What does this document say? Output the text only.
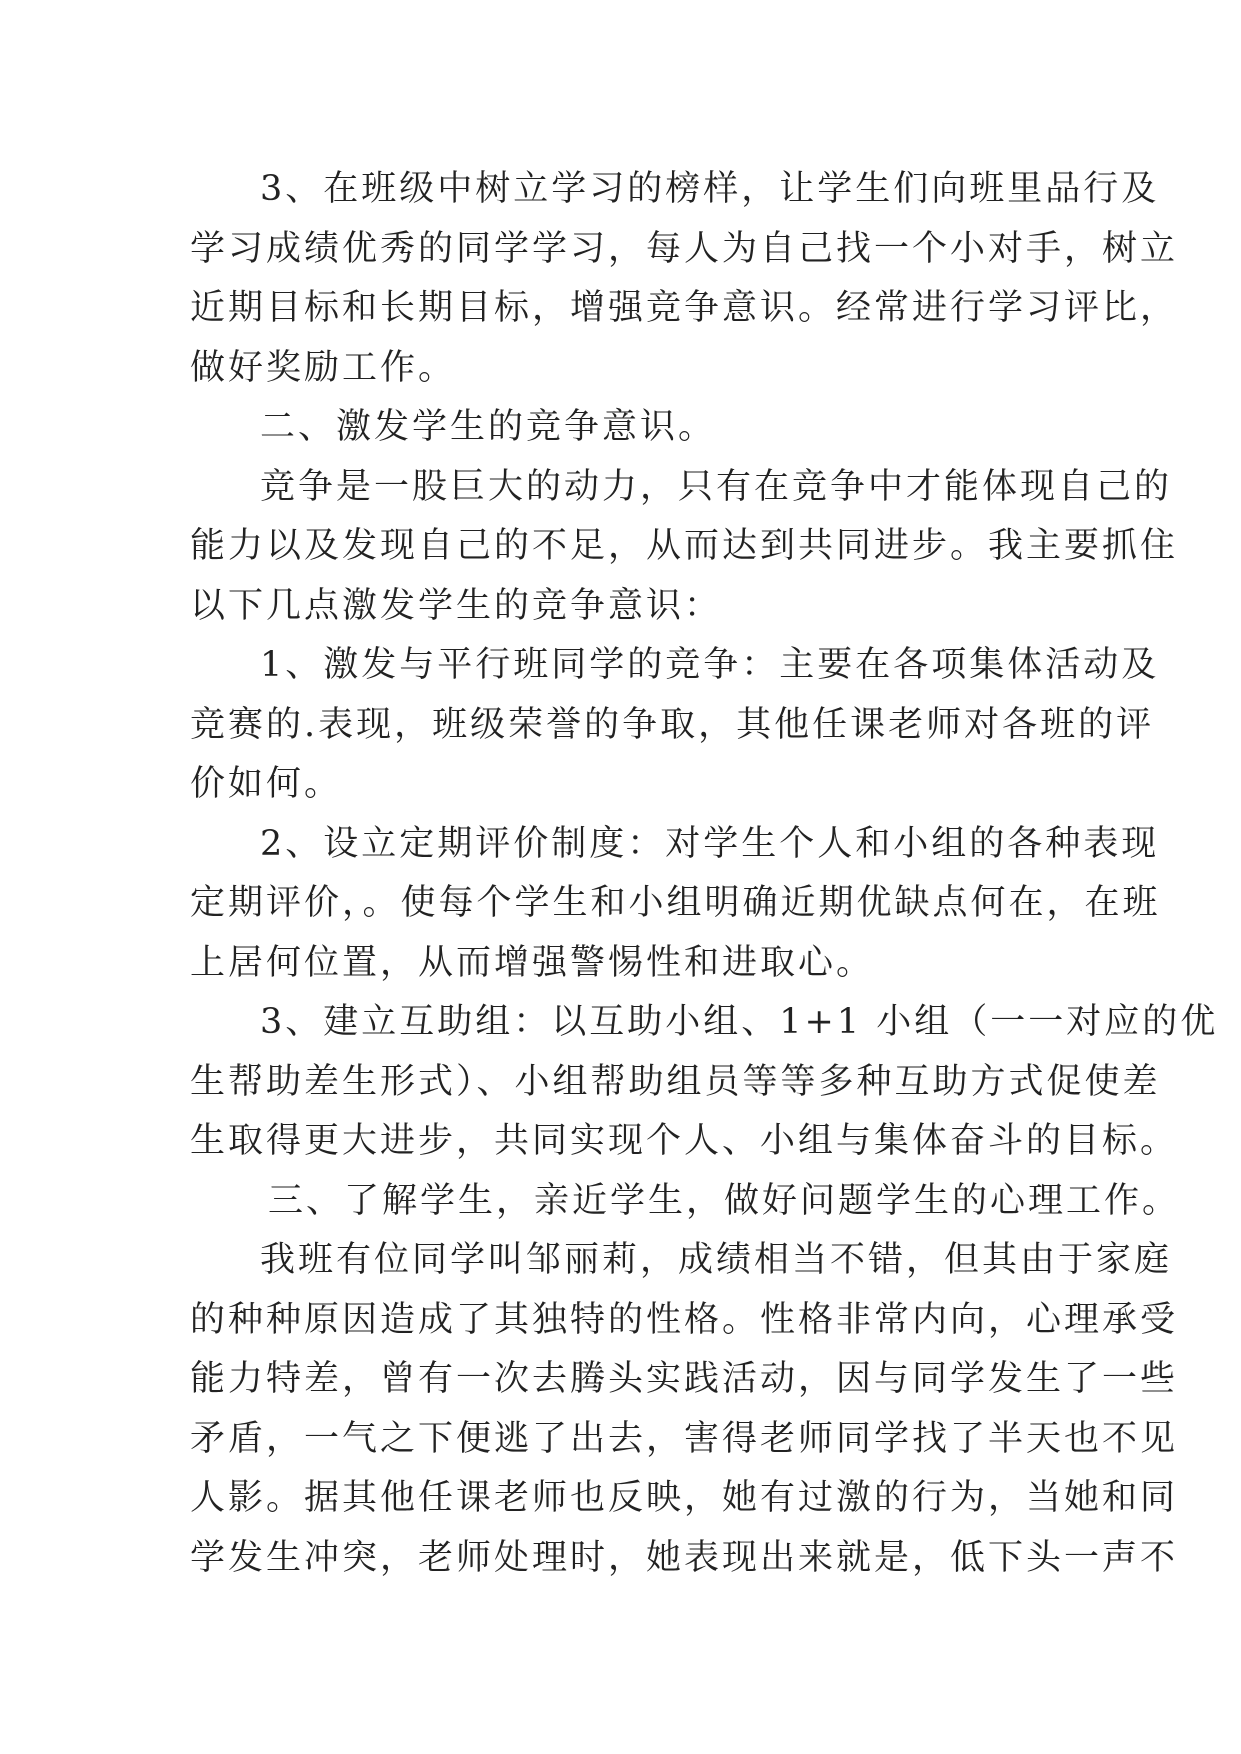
3、在班级中树立学习的榜样，让学生们向班里品行及
学习成绩优秀的同学学习，每人为自己找一个小对手，树立
近期目标和长期目标，增强竞争意识。经常进行学习评比，
做好奖励工作。
二、激发学生的竞争意识。
竞争是一股巨大的动力，只有在竞争中才能体现自己的
能力以及发现自己的不足，从而达到共同进步。我主要抓住
以下几点激发学生的竞争意识：
1、激发与平行班同学的竞争：主要在各项集体活动及
竞赛的.表现，班级荣誉的争取，其他任课老师对各班的评
价如何。
2、设立定期评价制度：对学生个人和小组的各种表现
定期评价，。使每个学生和小组明确近期优缺点何在，在班
上居何位置，从而增强警惕性和进取心。
3、建立互助组：以互助小组、1+1 小组（一一对应的优
生帮助差生形式）、小组帮助组员等等多种互助方式促使差
生取得更大进步，共同实现个人、小组与集体奋斗的目标。
三、了解学生，亲近学生，做好问题学生的心理工作。
我班有位同学叫邹丽莉，成绩相当不错，但其由于家庭
的种种原因造成了其独特的性格。性格非常内向，心理承受
能力特差，曾有一次去腾头实践活动，因与同学发生了一些
矛盾，一气之下便逃了出去，害得老师同学找了半天也不见
人影。据其他任课老师也反映，她有过激的行为，当她和同
学发生冲突，老师处理时，她表现出来就是，低下头一声不
